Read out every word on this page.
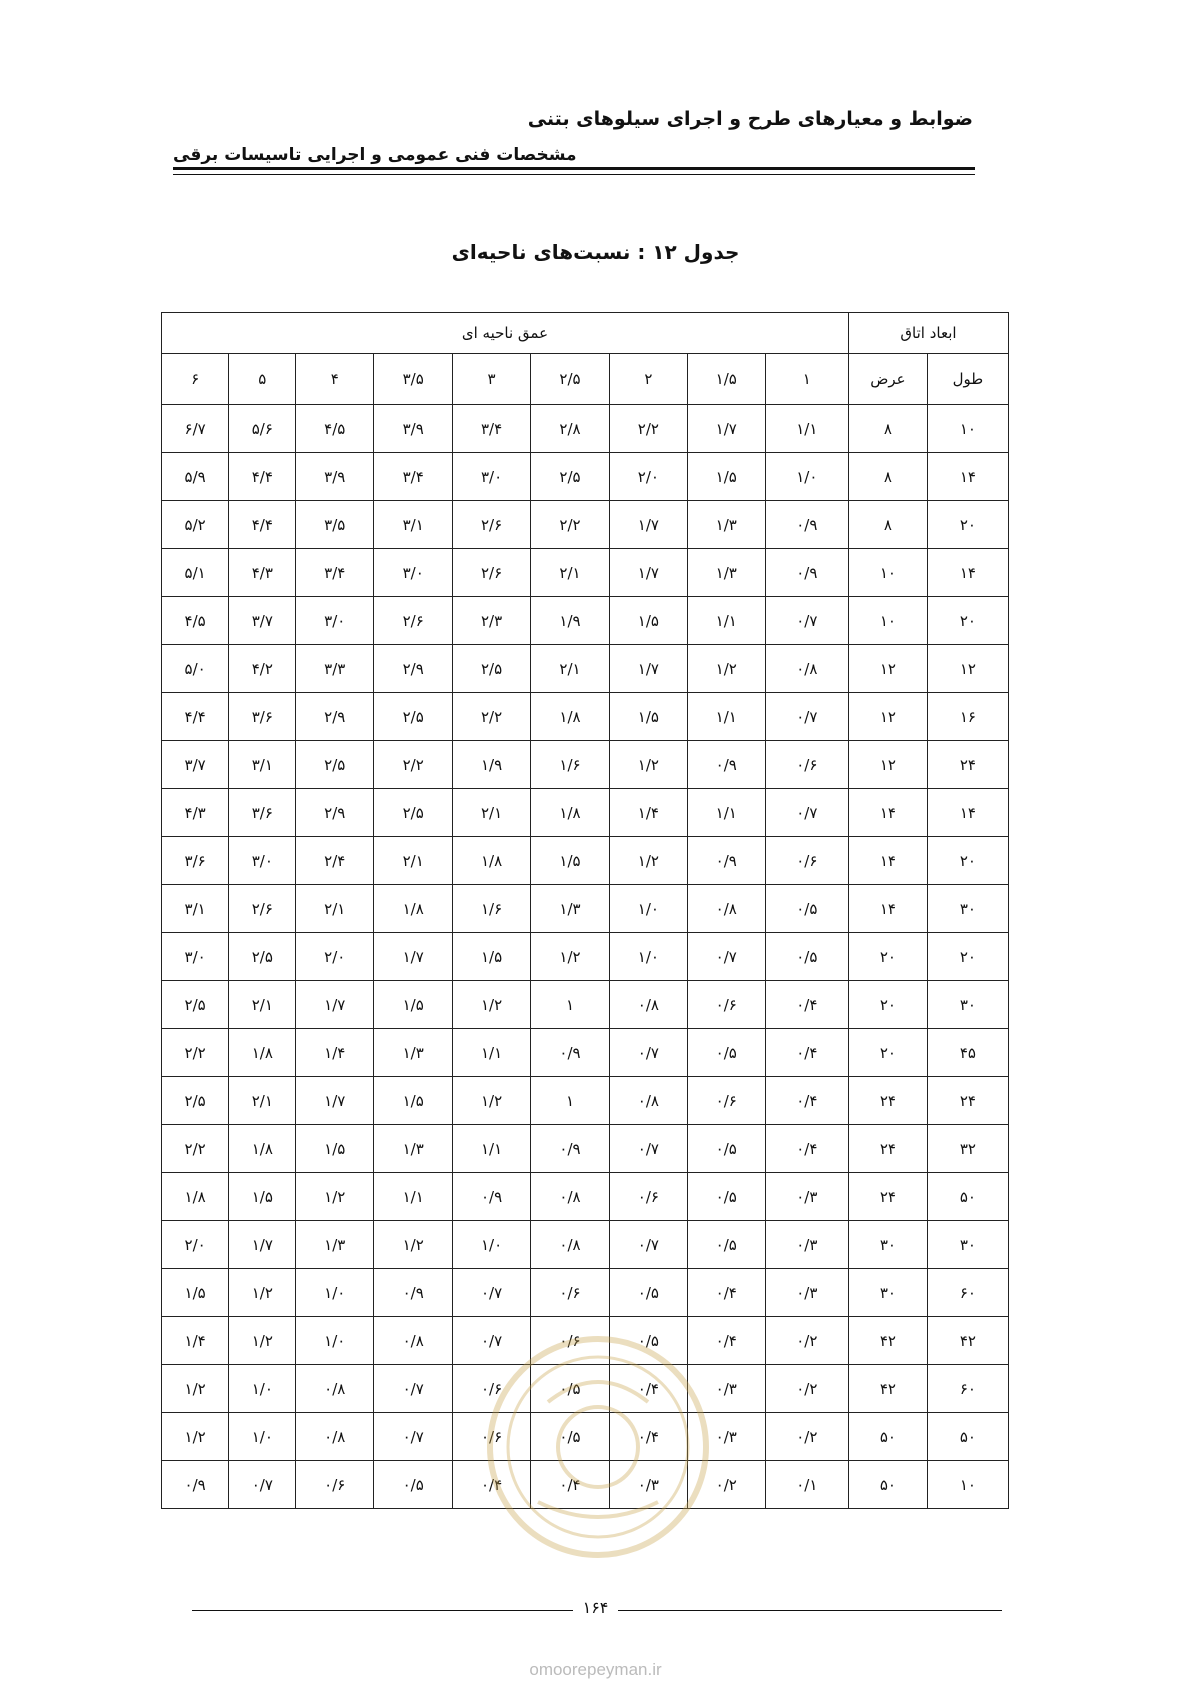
ضوابط و معیارهای طرح و اجرای سیلوهای بتنی
مشخصات فنی عمومی و اجرایی تاسیسات برقی
جدول ۱۲ : نسبت‌های ناحیه‌ای
ابعاد اتاق		عمق ناحیه ای								
طول	عرض	۱	۱/۵	۲	۲/۵	۳	۳/۵	۴	۵	۶
۱۰	۸	۱/۱	۱/۷	۲/۲	۲/۸	۳/۴	۳/۹	۴/۵	۵/۶	۶/۷
۱۴	۸	۱/۰	۱/۵	۲/۰	۲/۵	۳/۰	۳/۴	۳/۹	۴/۴	۵/۹
۲۰	۸	۰/۹	۱/۳	۱/۷	۲/۲	۲/۶	۳/۱	۳/۵	۴/۴	۵/۲
۱۴	۱۰	۰/۹	۱/۳	۱/۷	۲/۱	۲/۶	۳/۰	۳/۴	۴/۳	۵/۱
۲۰	۱۰	۰/۷	۱/۱	۱/۵	۱/۹	۲/۳	۲/۶	۳/۰	۳/۷	۴/۵
۱۲	۱۲	۰/۸	۱/۲	۱/۷	۲/۱	۲/۵	۲/۹	۳/۳	۴/۲	۵/۰
۱۶	۱۲	۰/۷	۱/۱	۱/۵	۱/۸	۲/۲	۲/۵	۲/۹	۳/۶	۴/۴
۲۴	۱۲	۰/۶	۰/۹	۱/۲	۱/۶	۱/۹	۲/۲	۲/۵	۳/۱	۳/۷
۱۴	۱۴	۰/۷	۱/۱	۱/۴	۱/۸	۲/۱	۲/۵	۲/۹	۳/۶	۴/۳
۲۰	۱۴	۰/۶	۰/۹	۱/۲	۱/۵	۱/۸	۲/۱	۲/۴	۳/۰	۳/۶
۳۰	۱۴	۰/۵	۰/۸	۱/۰	۱/۳	۱/۶	۱/۸	۲/۱	۲/۶	۳/۱
۲۰	۲۰	۰/۵	۰/۷	۱/۰	۱/۲	۱/۵	۱/۷	۲/۰	۲/۵	۳/۰
۳۰	۲۰	۰/۴	۰/۶	۰/۸	۱	۱/۲	۱/۵	۱/۷	۲/۱	۲/۵
۴۵	۲۰	۰/۴	۰/۵	۰/۷	۰/۹	۱/۱	۱/۳	۱/۴	۱/۸	۲/۲
۲۴	۲۴	۰/۴	۰/۶	۰/۸	۱	۱/۲	۱/۵	۱/۷	۲/۱	۲/۵
۳۲	۲۴	۰/۴	۰/۵	۰/۷	۰/۹	۱/۱	۱/۳	۱/۵	۱/۸	۲/۲
۵۰	۲۴	۰/۳	۰/۵	۰/۶	۰/۸	۰/۹	۱/۱	۱/۲	۱/۵	۱/۸
۳۰	۳۰	۰/۳	۰/۵	۰/۷	۰/۸	۱/۰	۱/۲	۱/۳	۱/۷	۲/۰
۶۰	۳۰	۰/۳	۰/۴	۰/۵	۰/۶	۰/۷	۰/۹	۱/۰	۱/۲	۱/۵
۴۲	۴۲	۰/۲	۰/۴	۰/۵	۰/۶	۰/۷	۰/۸	۱/۰	۱/۲	۱/۴
۶۰	۴۲	۰/۲	۰/۳	۰/۴	۰/۵	۰/۶	۰/۷	۰/۸	۱/۰	۱/۲
۵۰	۵۰	۰/۲	۰/۳	۰/۴	۰/۵	۰/۶	۰/۷	۰/۸	۱/۰	۱/۲
۱۰	۵۰	۰/۱	۰/۲	۰/۳	۰/۴	۰/۴	۰/۵	۰/۶	۰/۷	۰/۹
۱۶۴
omoorepeyman.ir
